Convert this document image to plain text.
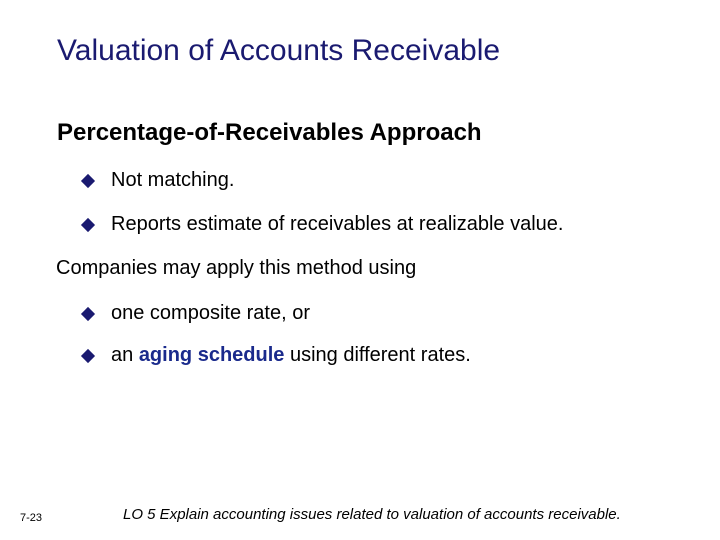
Valuation of Accounts Receivable
Percentage-of-Receivables Approach
Not matching.
Reports estimate of receivables at realizable value.
Companies may apply this method using
one composite rate, or
an aging schedule using different rates.
7-23	LO 5 Explain accounting issues related to valuation of accounts receivable.
